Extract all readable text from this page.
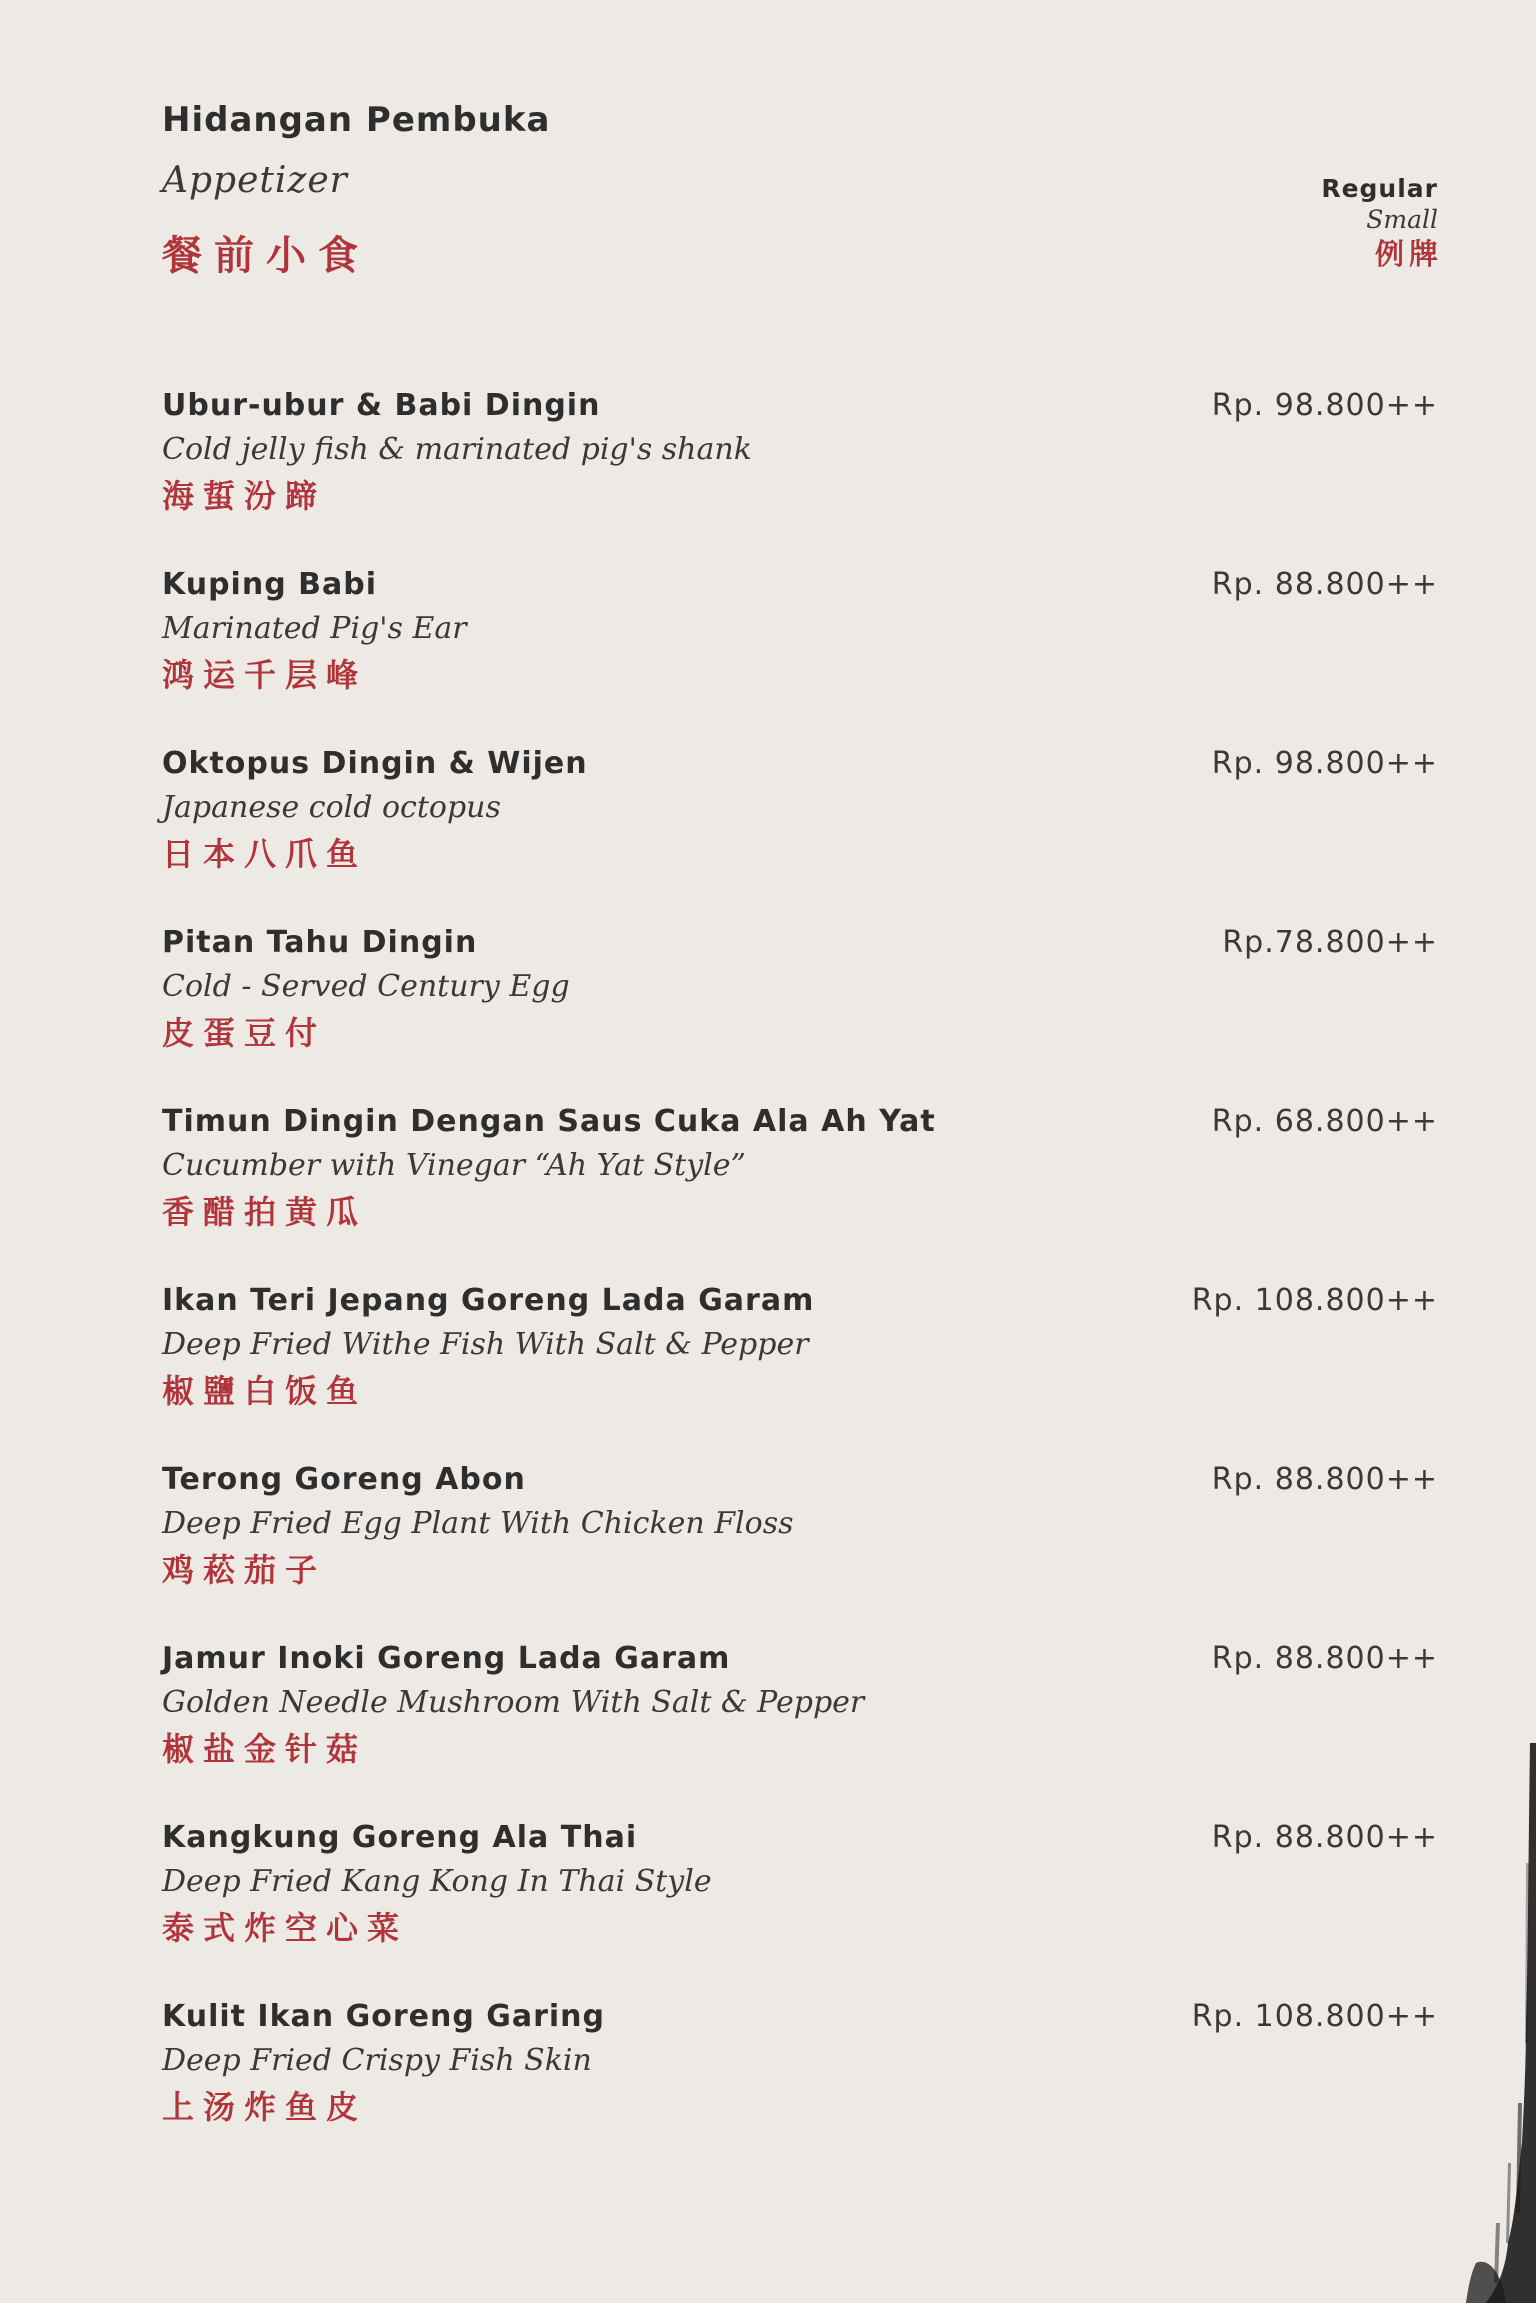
Hidangan Pembuka
Appetizer
餐前小食
Regular
Small
例牌
Ubur-ubur & Babi Dingin
Cold jelly fish & marinated pig's shank
海蜇汾蹄
Rp. 98.800++
Kuping Babi
Marinated Pig's Ear
鸿运千层峰
Rp. 88.800++
Oktopus Dingin & Wijen
Japanese cold octopus
日本八爪鱼
Rp. 98.800++
Pitan Tahu Dingin
Cold - Served Century Egg
皮蛋豆付
Rp.78.800++
Timun Dingin Dengan Saus Cuka Ala Ah Yat
Cucumber with Vinegar “Ah Yat Style”
香醋拍黄瓜
Rp. 68.800++
Ikan Teri Jepang Goreng Lada Garam
Deep Fried Withe Fish With Salt & Pepper
椒鹽白饭鱼
Rp. 108.800++
Terong Goreng Abon
Deep Fried Egg Plant With Chicken Floss
鸡菘茄子
Rp. 88.800++
Jamur Inoki Goreng Lada Garam
Golden Needle Mushroom With Salt & Pepper
椒盐金针菇
Rp. 88.800++
Kangkung Goreng Ala Thai
Deep Fried Kang Kong In Thai Style
泰式炸空心菜
Rp. 88.800++
Kulit Ikan Goreng Garing
Deep Fried Crispy Fish Skin
上汤炸鱼皮
Rp. 108.800++
